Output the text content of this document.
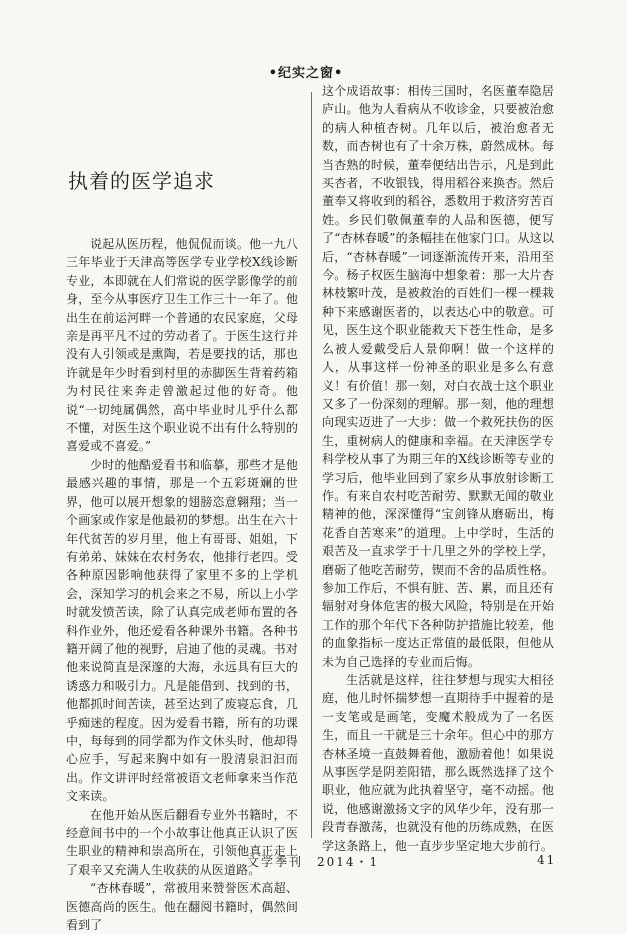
•纪实之窗•
执着的医学追求

说起从医历程，他侃侃而谈。他一九八三年毕业于天津高等医学专业学校X线诊断专业，本即就在人们常说的医学影像学的前身，至今从事医疗卫生工作三十一年了。他出生在前运河畔一个普通的农民家庭，父母亲是再平凡不过的劳动者了。于医生这行并没有人引领或是熏陶，若是要找的话，那也许就是年少时看到村里的赤脚医生背着药箱为村民往来奔走曾激起过他的好奇。他说“一切纯属偶然，高中毕业时儿乎什么都不懂，对医生这个职业说不出有什么特别的喜爱或不喜爱。”

少时的他酷爱看书和临摹，那些才是他最感兴趣的事情，那是一个五彩斑斓的世界，他可以展开想象的翅膀恣意翱翔；当一个画家或作家是他最初的梦想。出生在六十年代贫苦的岁月里，他上有哥哥、姐姐，下有弟弟、妹妹在农村务农，他排行老四。受各种原因影响他获得了家里不多的上学机会，深知学习的机会来之不易，所以上小学时就发愤苦读，除了认真完成老师布置的各科作业外，他还爱看各种课外书籍。各种书籍开阔了他的视野，启迪了他的灵魂。书对他来说简直是深邃的大海，永远具有巨大的诱惑力和吸引力。凡是能借到、找到的书，他都抓时间苦读，甚至达到了废寝忘食，几乎痴迷的程度。因为爱看书籍，所有的功课中，每每到的同学都为作文休头时，他却得心应手，写起来胸中如有一股清泉汩汩而出。作文讲评时经常被语文老师拿来当作范文来读。

在他开始从医后翻看专业外书籍时，不经意间书中的一个小故事让他真正认识了医生职业的精神和崇高所在，引领他真正走上了艰辛又充满人生收获的从医道路。

“杏林春暖”，常被用来赞誉医术高超、医德高尚的医生。他在翻阅书籍时，偶然间看到了

这个成语故事：相传三国时，名医董奉隐居庐山。他为人看病从不收诊金，只要被治愈的病人种植杏树。几年以后，被治愈者无数，而杏树也有了十余万株，蔚然成林。每当杏熟的时候，董奉便结出告示，凡是到此买杏者，不收银钱，得用稻谷来换杏。然后董奉又将收到的稻谷，悉数用于救济穷苦百姓。乡民们敬佩董奉的人品和医德，便写了“杏林春暖”的条幅挂在他家门口。从这以后，“杏林春暖”一词逐渐流传开来，沿用至今。杨子权医生脑海中想象着：那一大片杏林枝繁叶茂，是被救治的百姓们一棵一棵栽种下来感谢医者的，以表达心中的敬意。可见，医生这个职业能救天下苍生性命，是多么被人爱戴受后人景仰啊！做一个这样的人，从事这样一份神圣的职业是多么有意义！有价值！那一刻，对白衣战士这个职业又多了一份深刻的理解。那一刻，他的理想向现实迈进了一大步：做一个救死扶伤的医生，重树病人的健康和幸福。在天津医学专科学校从事了为期三年的X线诊断等专业的学习后，他毕业回到了家乡从事放射诊断工作。有来自农村吃苦耐劳、默默无闻的敬业精神的他，深深懂得“宝剑锋从磨砺出，梅花香自苦寒来”的道理。上中学时，生活的艰苦及一直求学于十几里之外的学校上学，磨砺了他吃苦耐劳，锲而不舍的品质性格。参加工作后，不惧有脏、苦、累，而且还有辐射对身体危害的极大风险，特别是在开始工作的那个年代下各种防护措施比较差，他的血象指标一度达正常值的最低限，但他从未为自己选择的专业而后悔。

生活就是这样，往往梦想与现实大相径庭，他儿时怀揣梦想一直期待手中握着的是一支笔或是画笔，变魔术般成为了一名医生，而且一干就是三十余年。但心中的那方杏林圣境一直鼓舞着他，激励着他！如果说从事医学是阴差阳错，那么既然选择了这个职业，他应就为此执着坚守，毫不动摇。他说，他感谢激扬文字的风华少年，没有那一段青春激荡，也就没有他的历练成熟，在医学这条路上，他一直步步坚定地大步前行。

文学季刊　2014・1	41
